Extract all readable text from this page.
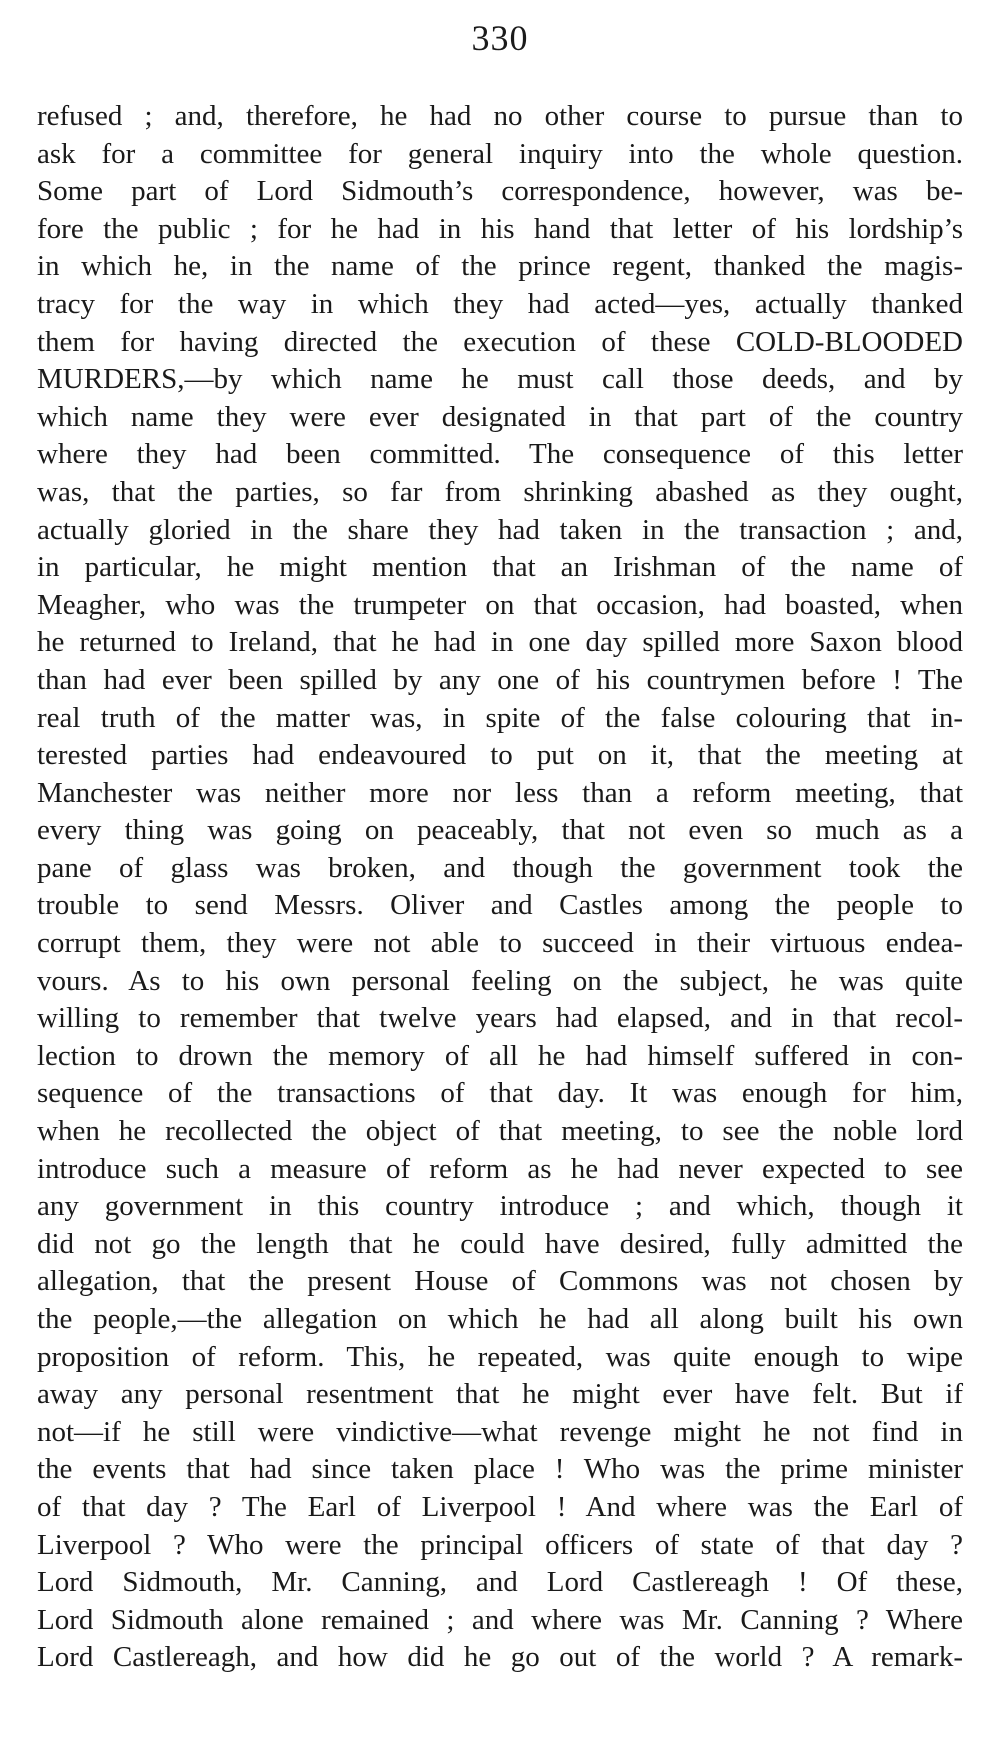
330
refused ; and, therefore, he had no other course to pursue than to
ask for a committee for general inquiry into the whole question.
Some part of Lord Sidmouth’s correspondence, however, was be-
fore the public ; for he had in his hand that letter of his lordship’s
in which he, in the name of the prince regent, thanked the magis-
tracy for the way in which they had acted—yes, actually thanked
them for having directed the execution of these COLD-BLOODED
MURDERS,—by which name he must call those deeds, and by
which name they were ever designated in that part of the country
where they had been committed. The consequence of this letter
was, that the parties, so far from shrinking abashed as they ought,
actually gloried in the share they had taken in the transaction ; and,
in particular, he might mention that an Irishman of the name of
Meagher, who was the trumpeter on that occasion, had boasted, when
he returned to Ireland, that he had in one day spilled more Saxon blood
than had ever been spilled by any one of his countrymen before ! The
real truth of the matter was, in spite of the false colouring that in-
terested parties had endeavoured to put on it, that the meeting at
Manchester was neither more nor less than a reform meeting, that
every thing was going on peaceably, that not even so much as a
pane of glass was broken, and though the government took the
trouble to send Messrs. Oliver and Castles among the people to
corrupt them, they were not able to succeed in their virtuous endea-
vours. As to his own personal feeling on the subject, he was quite
willing to remember that twelve years had elapsed, and in that recol-
lection to drown the memory of all he had himself suffered in con-
sequence of the transactions of that day. It was enough for him,
when he recollected the object of that meeting, to see the noble lord
introduce such a measure of reform as he had never expected to see
any government in this country introduce ; and which, though it
did not go the length that he could have desired, fully admitted the
allegation, that the present House of Commons was not chosen by
the people,—the allegation on which he had all along built his own
proposition of reform. This, he repeated, was quite enough to wipe
away any personal resentment that he might ever have felt. But if
not—if he still were vindictive—what revenge might he not find in
the events that had since taken place ! Who was the prime minister
of that day ? The Earl of Liverpool ! And where was the Earl of
Liverpool ? Who were the principal officers of state of that day ?
Lord Sidmouth, Mr. Canning, and Lord Castlereagh ! Of these,
Lord Sidmouth alone remained ; and where was Mr. Canning ? Where
Lord Castlereagh, and how did he go out of the world ? A remark-
